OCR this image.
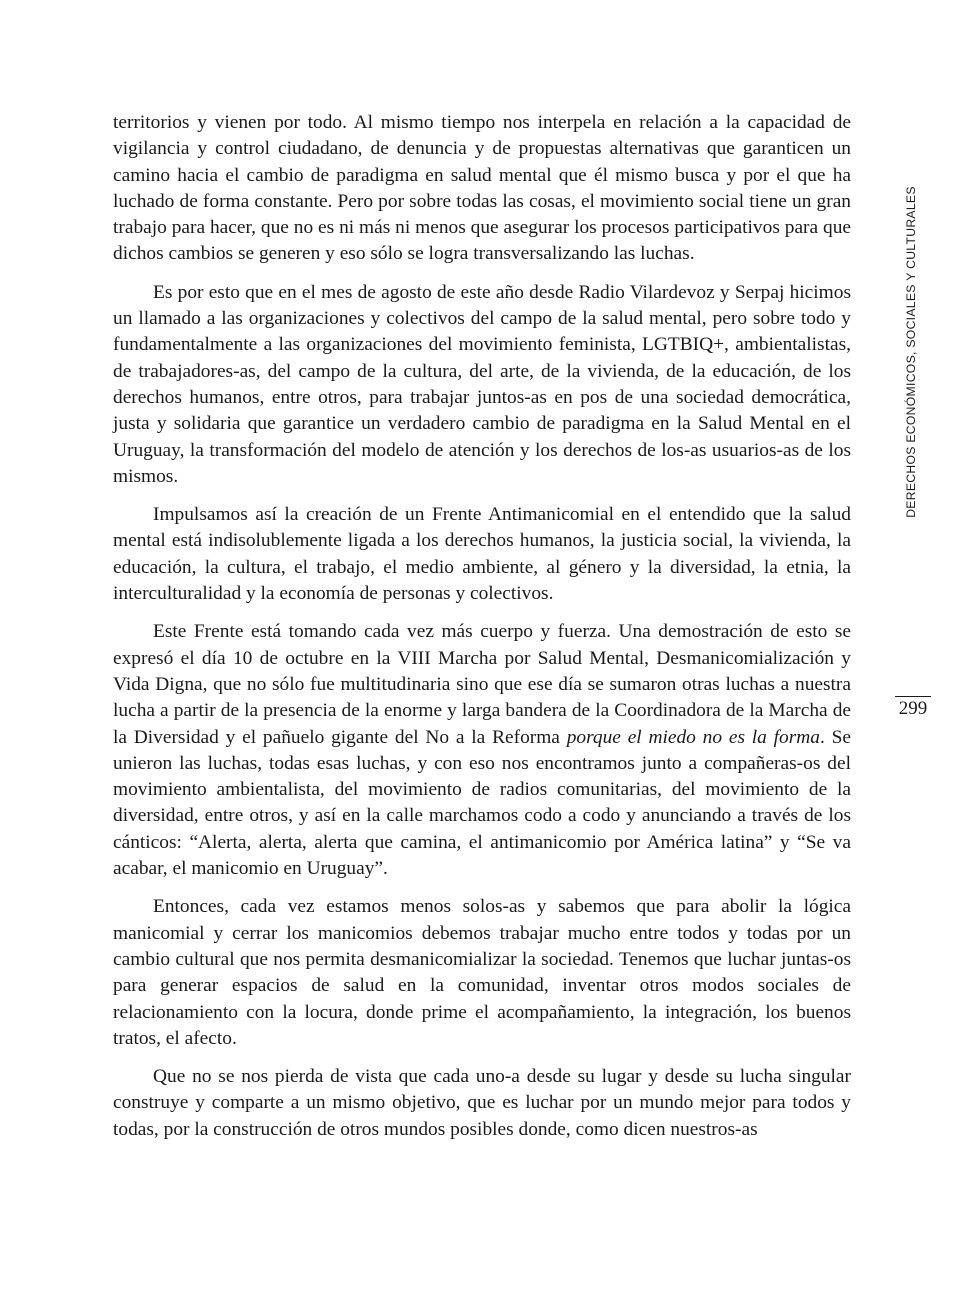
territorios y vienen por todo. Al mismo tiempo nos interpela en relación a la capacidad de vigilancia y control ciudadano, de denuncia y de propuestas alternativas que garanticen un camino hacia el cambio de paradigma en salud mental que él mismo busca y por el que ha luchado de forma constante. Pero por sobre todas las cosas, el movimiento social tiene un gran trabajo para hacer, que no es ni más ni menos que asegurar los procesos participativos para que dichos cambios se generen y eso sólo se logra transversalizando las luchas.

Es por esto que en el mes de agosto de este año desde Radio Vilardevoz y Serpaj hicimos un llamado a las organizaciones y colectivos del campo de la salud mental, pero sobre todo y fundamentalmente a las organizaciones del movimiento feminista, LGTBIQ+, ambientalistas, de trabajadores-as, del campo de la cultura, del arte, de la vivienda, de la educación, de los derechos humanos, entre otros, para trabajar juntos-as en pos de una sociedad democrática, justa y solidaria que garantice un verdadero cambio de paradigma en la Salud Mental en el Uruguay, la transformación del modelo de atención y los derechos de los-as usuarios-as de los mismos.

Impulsamos así la creación de un Frente Antimanicomial en el entendido que la salud mental está indisolublemente ligada a los derechos humanos, la justicia social, la vivienda, la educación, la cultura, el trabajo, el medio ambiente, al género y la diversidad, la etnia, la interculturalidad y la economía de personas y colectivos.

Este Frente está tomando cada vez más cuerpo y fuerza. Una demostración de esto se expresó el día 10 de octubre en la VIII Marcha por Salud Mental, Desmanicomialización y Vida Digna, que no sólo fue multitudinaria sino que ese día se sumaron otras luchas a nuestra lucha a partir de la presencia de la enorme y larga bandera de la Coordinadora de la Marcha de la Diversidad y el pañuelo gigante del No a la Reforma porque el miedo no es la forma. Se unieron las luchas, todas esas luchas, y con eso nos encontramos junto a compañeras-os del movimiento ambientalista, del movimiento de radios comunitarias, del movimiento de la diversidad, entre otros, y así en la calle marchamos codo a codo y anunciando a través de los cánticos: “Alerta, alerta, alerta que camina, el antimanicomio por América latina” y “Se va acabar, el manicomio en Uruguay”.

Entonces, cada vez estamos menos solos-as y sabemos que para abolir la lógica manicomial y cerrar los manicomios debemos trabajar mucho entre todos y todas por un cambio cultural que nos permita desmanicomializar la sociedad. Tenemos que luchar juntas-os para generar espacios de salud en la comunidad, inventar otros modos sociales de relacionamiento con la locura, donde prime el acompañamiento, la integración, los buenos tratos, el afecto.

Que no se nos pierda de vista que cada uno-a desde su lugar y desde su lucha singular construye y comparte a un mismo objetivo, que es luchar por un mundo mejor para todos y todas, por la construcción de otros mundos posibles donde, como dicen nuestros-as

DERECHOS ECONÓMICOS, SOCIALES Y CULTURALES
299
